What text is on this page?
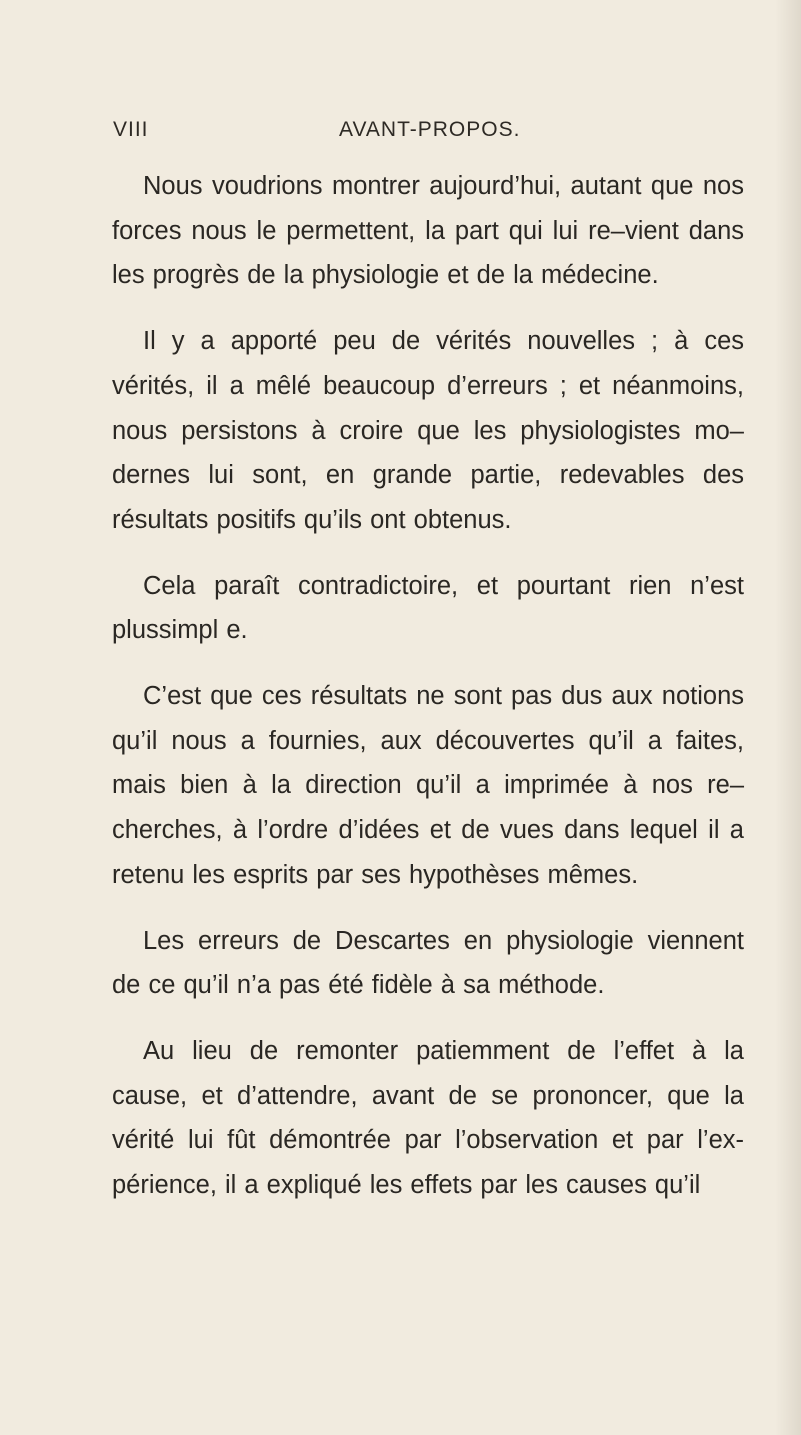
VIII	AVANT-PROPOS.

Nous voudrions montrer aujourd’hui, autant que nos forces nous le permettent, la part qui lui re–vient dans les progrès de la physiologie et de la médecine.

Il y a apporté peu de vérités nouvelles ; à ces vérités, il a mêlé beaucoup d’erreurs ; et néanmoins, nous persistons à croire que les physiologistes mo–dernes lui sont, en grande partie, redevables des résultats positifs qu’ils ont obtenus.

Cela paraît contradictoire, et pourtant rien n’est plussimpl e.

C’est que ces résultats ne sont pas dus aux notions qu’il nous a fournies, aux découvertes qu’il a faites, mais bien à la direction qu’il a imprimée à nos re–cherches, à l’ordre d’idées et de vues dans lequel il a retenu les esprits par ses hypothèses mêmes.

Les erreurs de Descartes en physiologie viennent de ce qu’il n’a pas été fidèle à sa méthode.

Au lieu de remonter patiemment de l’effet à la cause, et d’attendre, avant de se prononcer, que la vérité lui fût démontrée par l’observation et par l’ex-périence, il a expliqué les effets par les causes qu’il
